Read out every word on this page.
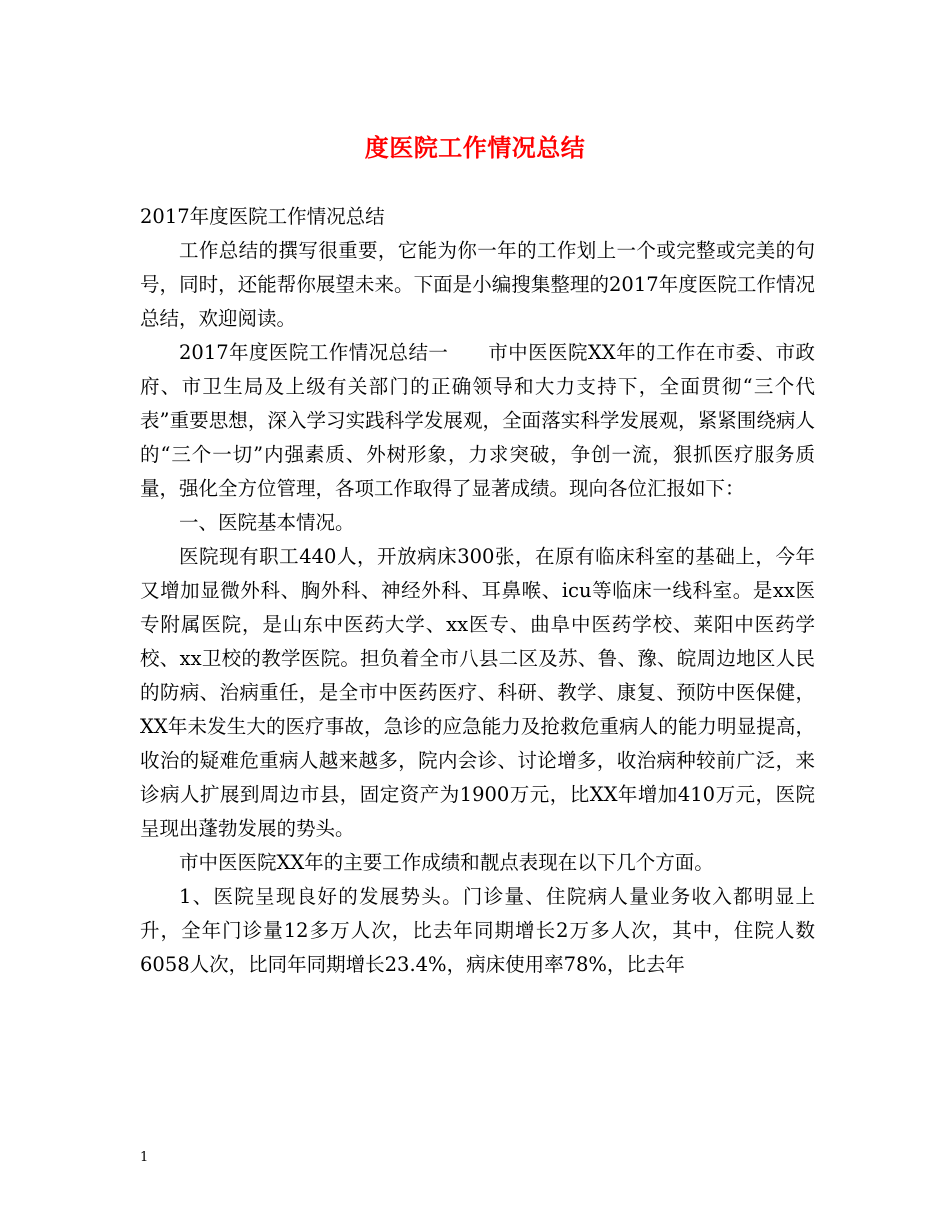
度医院工作情况总结

2017年度医院工作情况总结

工作总结的撰写很重要，它能为你一年的工作划上一个或完整或完美的句号，同时，还能帮你展望未来。下面是小编搜集整理的2017年度医院工作情况总结，欢迎阅读。

2017年度医院工作情况总结一　　市中医医院XX年的工作在市委、市政府、市卫生局及上级有关部门的正确领导和大力支持下，全面贯彻“三个代表”重要思想，深入学习实践科学发展观，全面落实科学发展观，紧紧围绕病人的“三个一切”内强素质、外树形象，力求突破，争创一流，狠抓医疗服务质量，强化全方位管理，各项工作取得了显著成绩。现向各位汇报如下：

一、医院基本情况。

医院现有职工440人，开放病床300张，在原有临床科室的基础上，今年又增加显微外科、胸外科、神经外科、耳鼻喉、icu等临床一线科室。是xx医专附属医院，是山东中医药大学、xx医专、曲阜中医药学校、莱阳中医药学校、xx卫校的教学医院。担负着全市八县二区及苏、鲁、豫、皖周边地区人民的防病、治病重任，是全市中医药医疗、科研、教学、康复、预防中医保健，XX年未发生大的医疗事故，急诊的应急能力及抢救危重病人的能力明显提高，收治的疑难危重病人越来越多，院内会诊、讨论增多，收治病种较前广泛，来诊病人扩展到周边市县，固定资产为1900万元，比XX年增加410万元，医院呈现出蓬勃发展的势头。

市中医医院XX年的主要工作成绩和靓点表现在以下几个方面。

1、医院呈现良好的发展势头。门诊量、住院病人量业务收入都明显上升，全年门诊量12多万人次，比去年同期增长2万多人次，其中，住院人数6058人次，比同年同期增长23.4%，病床使用率78%，比去年

1
